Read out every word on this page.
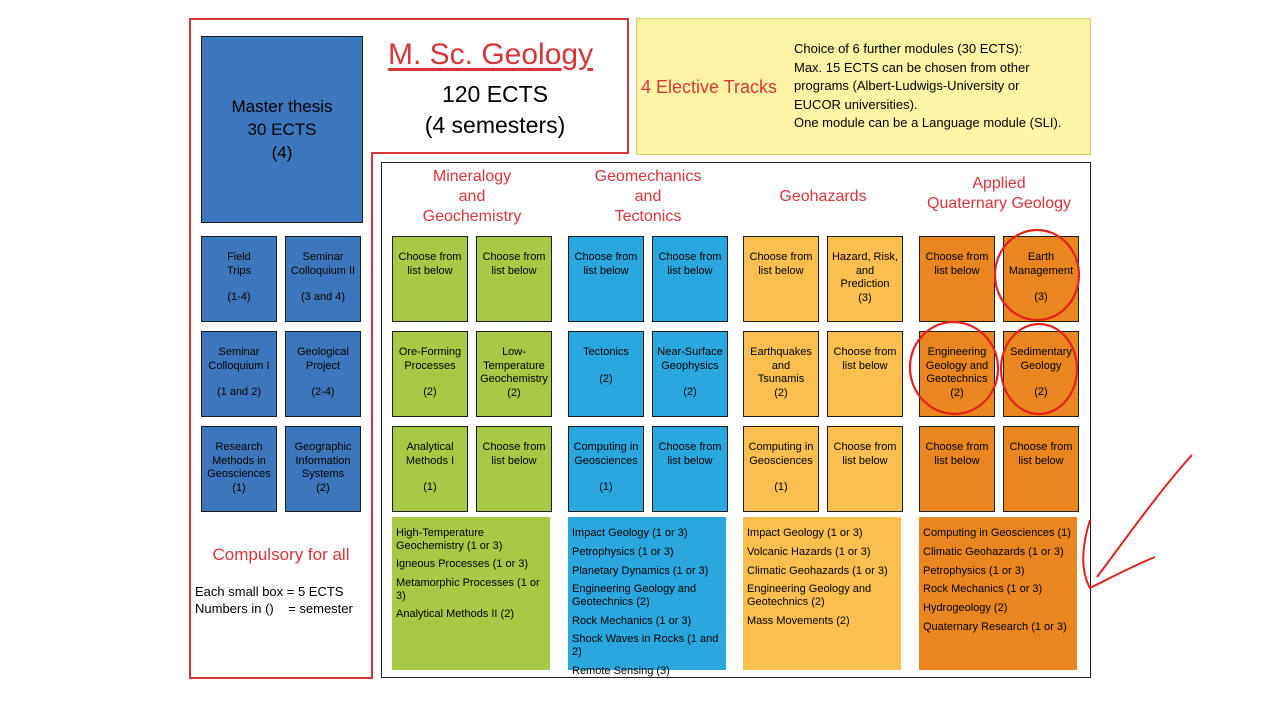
4 Elective Tracks
Choice of 6 further modules (30 ECTS):
Max. 15 ECTS can be chosen from other
programs (Albert-Ludwigs-University or
EUCOR universities).
One module can be a Language module (SLI).
M. Sc. Geology
120 ECTS
(4 semesters)
Master thesis
30 ECTS
(4)
Field
Trips
(1-4)
Seminar
Colloquium II
(3 and 4)
Seminar
Colloquium I
(1 and 2)
Geological
Project
(2-4)
Research
Methods in
Geosciences
(1)
Geographic
Information
Systems
(2)
Compulsory for all
Each small box = 5 ECTS
Numbers in ()    = semester
Mineralogy
and
Geochemistry
Choose from
list below
Choose from
list below
Ore-Forming
Processes
(2)
Low-
Temperature
Geochemistry
(2)
Analytical
Methods I
(1)
Choose from
list below
High-Temperature Geochemistry (1 or 3)
Igneous Processes (1 or 3)
Metamorphic Processes (1 or 3)
Analytical Methods II (2)
Geomechanics
and
Tectonics
Choose from
list below
Choose from
list below
Tectonics
(2)
Near-Surface
Geophysics
(2)
Computing in
Geosciences
(1)
Choose from
list below
Impact Geology (1 or 3)
Petrophysics (1 or 3)
Planetary Dynamics (1 or 3)
Engineering Geology and Geotechnics (2)
Rock Mechanics (1 or 3)
Shock Waves in Rocks (1 and 2)
Remote Sensing (3)
Geohazards
Choose from
list below
Hazard, Risk,
and
Prediction
(3)
Earthquakes
and
Tsunamis
(2)
Choose from
list below
Computing in
Geosciences
(1)
Choose from
list below
Impact Geology (1 or 3)
Volcanic Hazards (1 or 3)
Climatic Geohazards (1 or 3)
Engineering Geology and Geotechnics (2)
Mass Movements (2)
Applied
Quaternary Geology
Choose from
list below
Earth
Management
(3)
Engineering
Geology and
Geotechnics
(2)
Sedimentary
Geology
(2)
Choose from
list below
Choose from
list below
Computing in Geosciences (1)
Climatic Geohazards (1 or 3)
Petrophysics (1 or 3)
Rock Mechanics (1 or 3)
Hydrogeology (2)
Quaternary Research (1 or 3)
